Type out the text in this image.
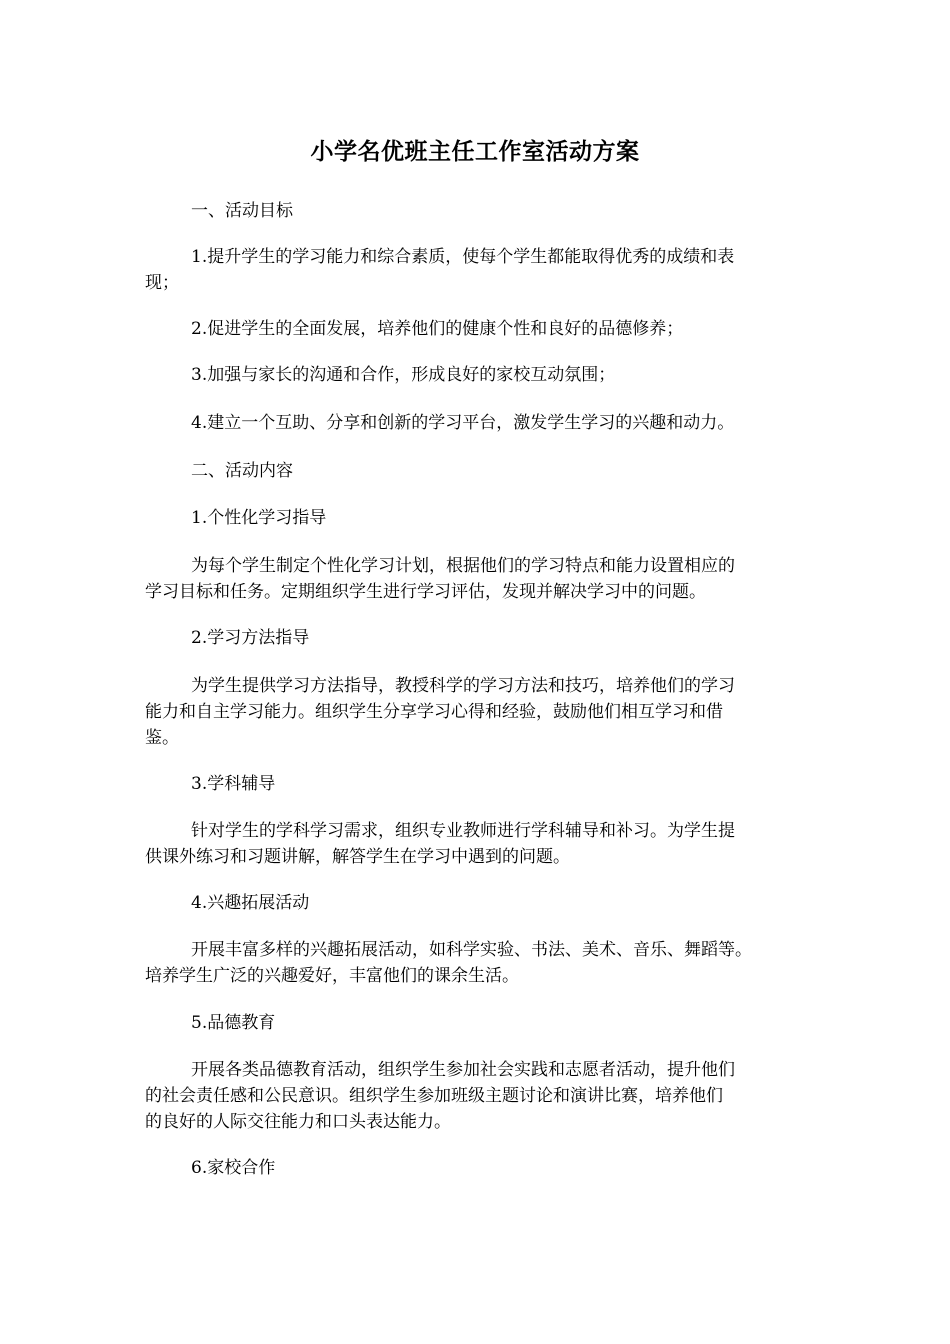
小学名优班主任工作室活动方案
一、活动目标
1.提升学生的学习能力和综合素质，使每个学生都能取得优秀的成绩和表
现；
2.促进学生的全面发展，培养他们的健康个性和良好的品德修养；
3.加强与家长的沟通和合作，形成良好的家校互动氛围；
4.建立一个互助、分享和创新的学习平台，激发学生学习的兴趣和动力。
二、活动内容
1.个性化学习指导
为每个学生制定个性化学习计划，根据他们的学习特点和能力设置相应的
学习目标和任务。定期组织学生进行学习评估，发现并解决学习中的问题。
2.学习方法指导
为学生提供学习方法指导，教授科学的学习方法和技巧，培养他们的学习
能力和自主学习能力。组织学生分享学习心得和经验，鼓励他们相互学习和借
鉴。
3.学科辅导
针对学生的学科学习需求，组织专业教师进行学科辅导和补习。为学生提
供课外练习和习题讲解，解答学生在学习中遇到的问题。
4.兴趣拓展活动
开展丰富多样的兴趣拓展活动，如科学实验、书法、美术、音乐、舞蹈等。
培养学生广泛的兴趣爱好，丰富他们的课余生活。
5.品德教育
开展各类品德教育活动，组织学生参加社会实践和志愿者活动，提升他们
的社会责任感和公民意识。组织学生参加班级主题讨论和演讲比赛，培养他们
的良好的人际交往能力和口头表达能力。
6.家校合作
